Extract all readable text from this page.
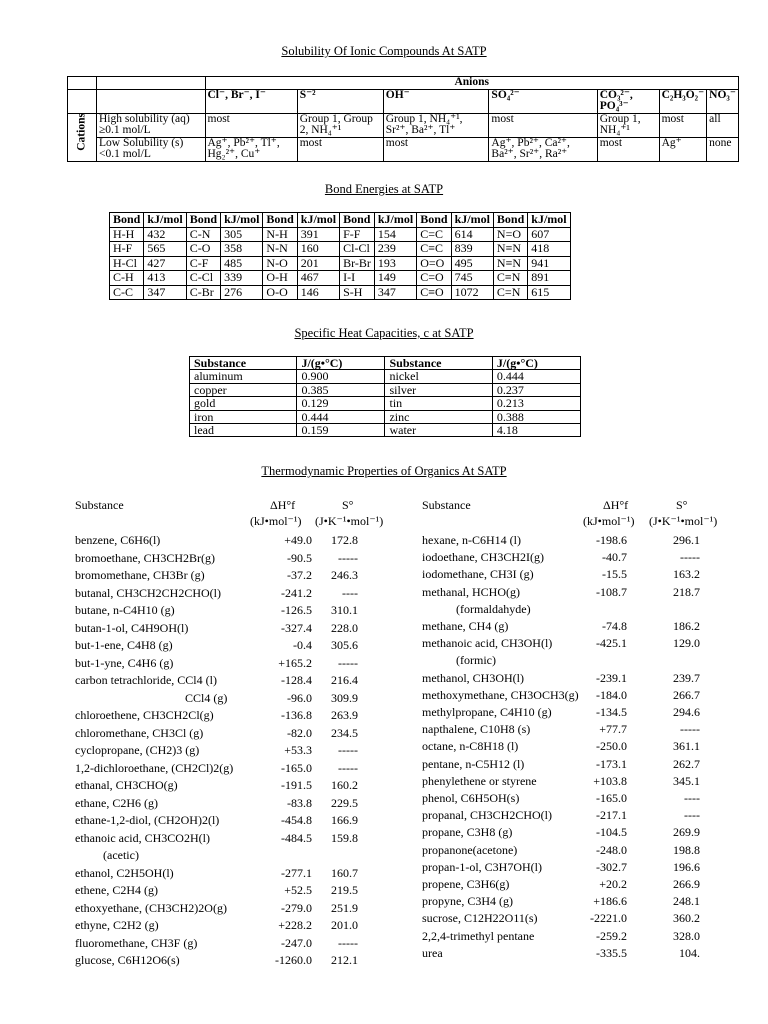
Solubility Of Ionic Compounds At SATP
		Anions						
		Cl⁻, Br⁻, I⁻	S⁻²	OH⁻	SO₄²⁻	CO₃²⁻, PO₄³⁻	C₂H₃O₂⁻	NO₃⁻

Cations	High solubility (aq) ≥0.1 mol/L	most	Group 1, Group 2, NH₄⁺¹	Group 1, NH₄⁺¹, Sr²⁺, Ba²⁺, Tl⁺	most	Group 1, NH₄⁺¹	most	all
	Low Solubility (s) <0.1 mol/L	Ag⁺, Pb²⁺, Tl⁺, Hg₂²⁺, Cu⁺	most	most	Ag⁺, Pb²⁺, Ca²⁺, Ba²⁺, Sr²⁺, Ra²⁺	most	Ag⁺	none
Bond Energies at SATP
Bond	kJ/mol	Bond	kJ/mol	Bond	kJ/mol	Bond	kJ/mol	Bond	kJ/mol	Bond	kJ/mol
H-H	432	C-N	305	N-H	391	F-F	154	C=C	614	N=O	607
H-F	565	C-O	358	N-N	160	Cl-Cl	239	C≡C	839	N≡N	418
H-Cl	427	C-F	485	N-O	201	Br-Br	193	O=O	495	N≡N	941
C-H	413	C-Cl	339	O-H	467	I-I	149	C=O	745	C≡N	891
C-C	347	C-Br	276	O-O	146	S-H	347	C≡O	1072	C=N	615
Specific Heat Capacities, c at SATP
Substance	J/(g•°C)	Substance	J/(g•°C)
aluminum	0.900	nickel	0.444
copper	0.385	silver	0.237
gold	0.129	tin	0.213
iron	0.444	zinc	0.388
lead	0.159	water	4.18
Thermodynamic Properties of Organics At SATP
Substance	ΔH°f	S°
(kJ•mol⁻¹) (J•K⁻¹•mol⁻¹)
Substance	ΔH°f	S°
(kJ•mol⁻¹) (J•K⁻¹•mol⁻¹)
benzene, C6H6(l)	+49.0	172.8
bromoethane, CH3CH2Br(g)	-90.5	-----
bromomethane, CH3Br (g)	-37.2	246.3
butanal, CH3CH2CH2CHO(l)	-241.2	----
butane, n-C4H10 (g)	-126.5	310.1
butan-1-ol, C4H9OH(l)	-327.4	228.0
but-1-ene, C4H8 (g)	-0.4	305.6
but-1-yne, C4H6 (g)	+165.2	-----
carbon tetrachloride, CCl4 (l)	-128.4	216.4
CCl4 (g)	-96.0	309.9
chloroethene, CH3CH2Cl(g)	-136.8	263.9
chloromethane, CH3Cl (g)	-82.0	234.5
cyclopropane, (CH2)3 (g)	+53.3	-----
1,2-dichloroethane, (CH2Cl)2(g)	-165.0	-----
ethanal, CH3CHO(g)	-191.5	160.2
ethane, C2H6 (g)	-83.8	229.5
ethane-1,2-diol, (CH2OH)2(l)	-454.8	166.9
ethanoic acid, CH3CO2H(l)	-484.5	159.8
(acetic)
ethanol, C2H5OH(l)	-277.1	160.7
ethene, C2H4 (g)	+52.5	219.5
ethoxyethane, (CH3CH2)2O(g)	-279.0	251.9
ethyne, C2H2 (g)	+228.2	201.0
fluoromethane, CH3F (g)	-247.0	-----
glucose, C6H12O6(s)	-1260.0	212.1
hexane, n-C6H14 (l)	-198.6	296.1
iodoethane, CH3CH2I(g)	-40.7	-----
iodomethane, CH3I (g)	-15.5	163.2
methanal, HCHO(g)	-108.7	218.7
(formaldahyde)
methane, CH4 (g)	-74.8	186.2
methanoic acid, CH3OH(l)	-425.1	129.0
(formic)
methanol, CH3OH(l)	-239.1	239.7
methoxymethane, CH3OCH3(g)	-184.0	266.7
methylpropane, C4H10 (g)	-134.5	294.6
napthalene, C10H8 (s)	+77.7	-----
octane, n-C8H18 (l)	-250.0	361.1
pentane, n-C5H12 (l)	-173.1	262.7
phenylethene or styrene	+103.8	345.1
phenol, C6H5OH(s)	-165.0	----
propanal, CH3CH2CHO(l)	-217.1	----
propane, C3H8 (g)	-104.5	269.9
propanone(acetone)	-248.0	198.8
propan-1-ol, C3H7OH(l)	-302.7	196.6
propene, C3H6(g)	+20.2	266.9
propyne, C3H4 (g)	+186.6	248.1
sucrose, C12H22O11(s)	-2221.0	360.2
2,2,4-trimethyl pentane	-259.2	328.0
urea	-335.5	104.
